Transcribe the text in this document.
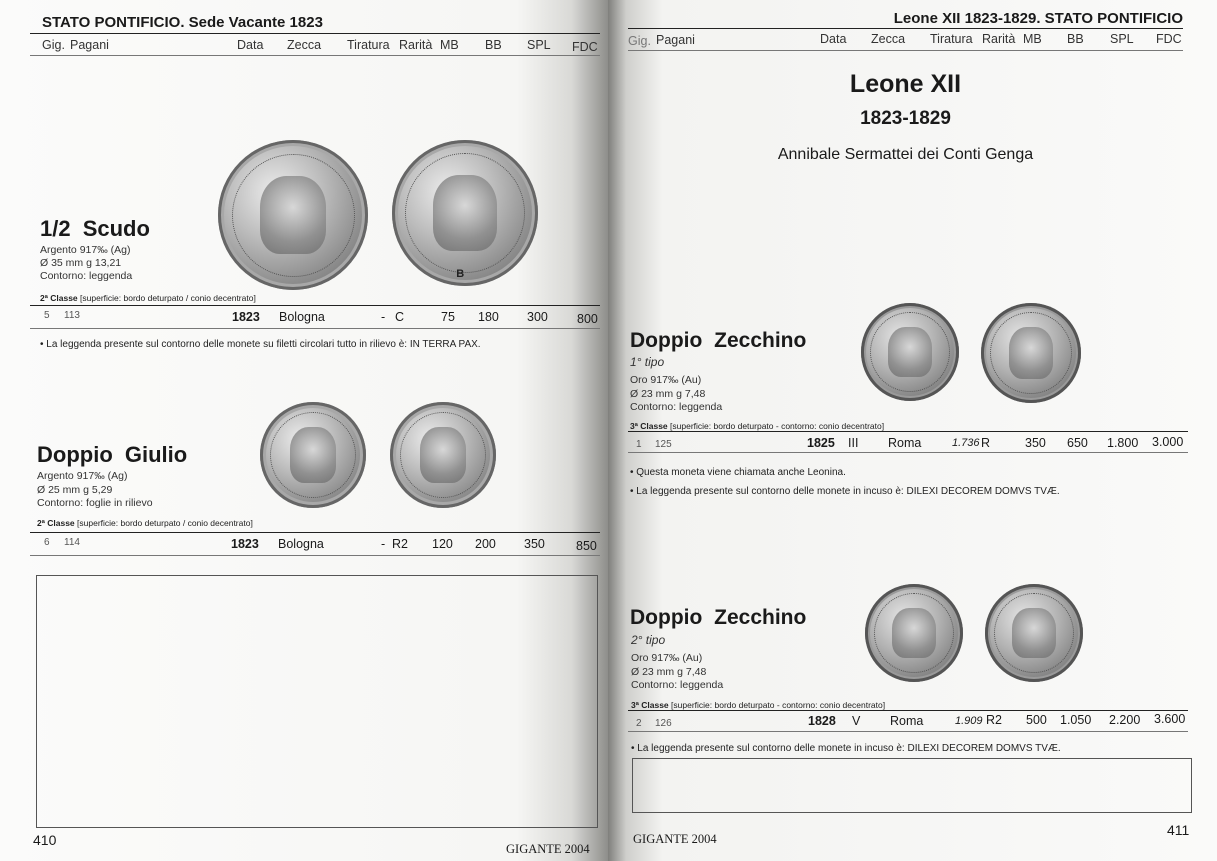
STATO PONTIFICIO. Sede Vacante 1823
Gig. Pagani	Data Zecca Tiratura Rarità MB BB SPL FDC
B
1/2 Scudo
Argento 917‰ (Ag)
Ø 35 mm g 13,21
Contorno: leggenda
2ª Classe [superficie: bordo deturpato / conio decentrato]
5 113	1823 Bologna	- C	75 180 300 800
• La leggenda presente sul contorno delle monete su filetti circolari tutto in rilievo è: IN TERRA PAX.
Doppio Giulio
Argento 917‰ (Ag)
Ø 25 mm g 5,29
Contorno: foglie in rilievo
2ª Classe [superficie: bordo deturpato / conio decentrato]
6 114	1823 Bologna	- R2 120 200 350 850
410
GIGANTE 2004
Leone XII 1823-1829. STATO PONTIFICIO
Gig. Pagani	Data Zecca Tiratura Rarità MB BB SPL FDC
Leone XII
1823-1829
Annibale Sermattei dei Conti Genga
Doppio Zecchino
1° tipo
Oro 917‰ (Au)
Ø 23 mm g 7,48
Contorno: leggenda
3ª Classe [superficie: bordo deturpato - contorno: conio decentrato]
1 125	1825 III Roma	1.736 R	350 650 1.800 3.000
• Questa moneta viene chiamata anche Leonina.
• La leggenda presente sul contorno delle monete in incuso è: DILEXI DECOREM DOMVS TVÆ.
Doppio Zecchino
2° tipo
Oro 917‰ (Au)
Ø 23 mm g 7,48
Contorno: leggenda
3ª Classe [superficie: bordo deturpato - contorno: conio decentrato]
2 126	1828 V Roma	1.909 R2 500 1.050 2.200 3.600
• La leggenda presente sul contorno delle monete in incuso è: DILEXI DECOREM DOMVS TVÆ.
GIGANTE 2004
411
